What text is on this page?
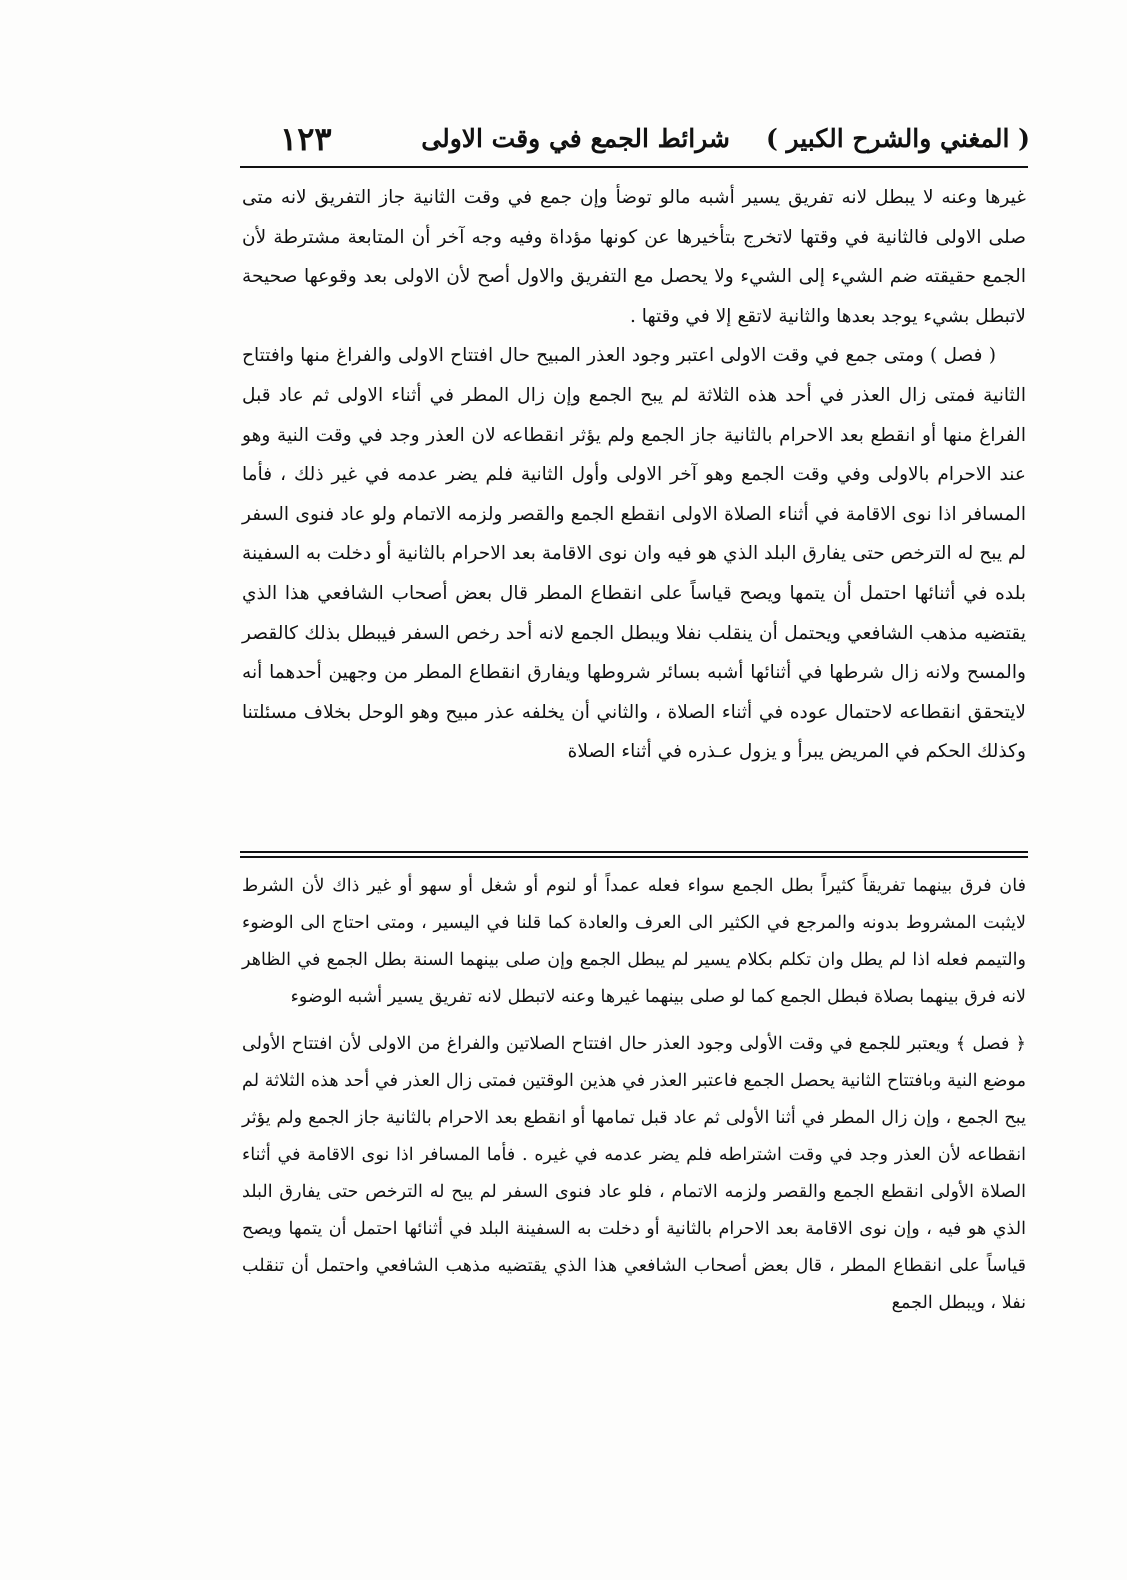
( المغني والشرح الكبير )
شرائط الجمع في وقت الاولى
١٢٣

غيرها وعنه لا يبطل لانه تفريق يسير أشبه مالو توضأ وإن جمع في وقت الثانية جاز التفريق لانه متى صلى الاولى فالثانية في وقتها لاتخرج بتأخيرها عن كونها مؤداة وفيه وجه آخر أن المتابعة مشترطة لأن الجمع حقيقته ضم الشيء إلى الشيء ولا يحصل مع التفريق والاول أصح لأن الاولى بعد وقوعها صحيحة لاتبطل بشيء يوجد بعدها والثانية لاتقع إلا في وقتها .

( فصل ) ومتى جمع في وقت الاولى اعتبر وجود العذر المبيح حال افتتاح الاولى والفراغ منها وافتتاح الثانية فمتى زال العذر في أحد هذه الثلاثة لم يبح الجمع وإن زال المطر في أثناء الاولى ثم عاد قبل الفراغ منها أو انقطع بعد الاحرام بالثانية جاز الجمع ولم يؤثر انقطاعه لان العذر وجد في وقت النية وهو عند الاحرام بالاولى وفي وقت الجمع وهو آخر الاولى وأول الثانية فلم يضر عدمه في غير ذلك ، فأما المسافر اذا نوى الاقامة في أثناء الصلاة الاولى انقطع الجمع والقصر ولزمه الاتمام ولو عاد فنوى السفر لم يبح له الترخص حتى يفارق البلد الذي هو فيه وان نوى الاقامة بعد الاحرام بالثانية أو دخلت به السفينة بلده في أثنائها احتمل أن يتمها ويصح قياساً على انقطاع المطر قال بعض أصحاب الشافعي هذا الذي يقتضيه مذهب الشافعي ويحتمل أن ينقلب نفلا ويبطل الجمع لانه أحد رخص السفر فيبطل بذلك كالقصر والمسح ولانه زال شرطها في أثنائها أشبه بسائر شروطها ويفارق انقطاع المطر من وجهين أحدهما أنه لايتحقق انقطاعه لاحتمال عوده في أثناء الصلاة ، والثاني أن يخلفه عذر مبيح وهو الوحل بخلاف مسئلتنا وكذلك الحكم في المريض يبرأ و يزول عـذره في أثناء الصلاة

فان فرق بينهما تفريقاً كثيراً بطل الجمع سواء فعله عمداً أو لنوم أو شغل أو سهو أو غير ذاك لأن الشرط لايثبت المشروط بدونه والمرجع في الكثير الى العرف والعادة كما قلنا في اليسير ، ومتى احتاج الى الوضوء والتيمم فعله اذا لم يطل وان تكلم بكلام يسير لم يبطل الجمع وإن صلى بينهما السنة بطل الجمع في الظاهر لانه فرق بينهما بصلاة فبطل الجمع كما لو صلى بينهما غيرها وعنه لاتبطل لانه تفريق يسير أشبه الوضوء

﴿ فصل ﴾ ويعتبر للجمع في وقت الأولى وجود العذر حال افتتاح الصلاتين والفراغ من الاولى لأن افتتاح الأولى موضع النية وبافتتاح الثانية يحصل الجمع فاعتبر العذر في هذين الوقتين فمتى زال العذر في أحد هذه الثلاثة لم يبح الجمع ، وإن زال المطر في أثنا الأولى ثم عاد قبل تمامها أو انقطع بعد الاحرام بالثانية جاز الجمع ولم يؤثر انقطاعه لأن العذر وجد في وقت اشتراطه فلم يضر عدمه في غيره . فأما المسافر اذا نوى الاقامة في أثناء الصلاة الأولى انقطع الجمع والقصر ولزمه الاتمام ، فلو عاد فنوى السفر لم يبح له الترخص حتى يفارق البلد الذي هو فيه ، وإن نوى الاقامة بعد الاحرام بالثانية أو دخلت به السفينة البلد في أثنائها احتمل أن يتمها ويصح قياساً على انقطاع المطر ، قال بعض أصحاب الشافعي هذا الذي يقتضيه مذهب الشافعي واحتمل أن تنقلب نفلا ، ويبطل الجمع
